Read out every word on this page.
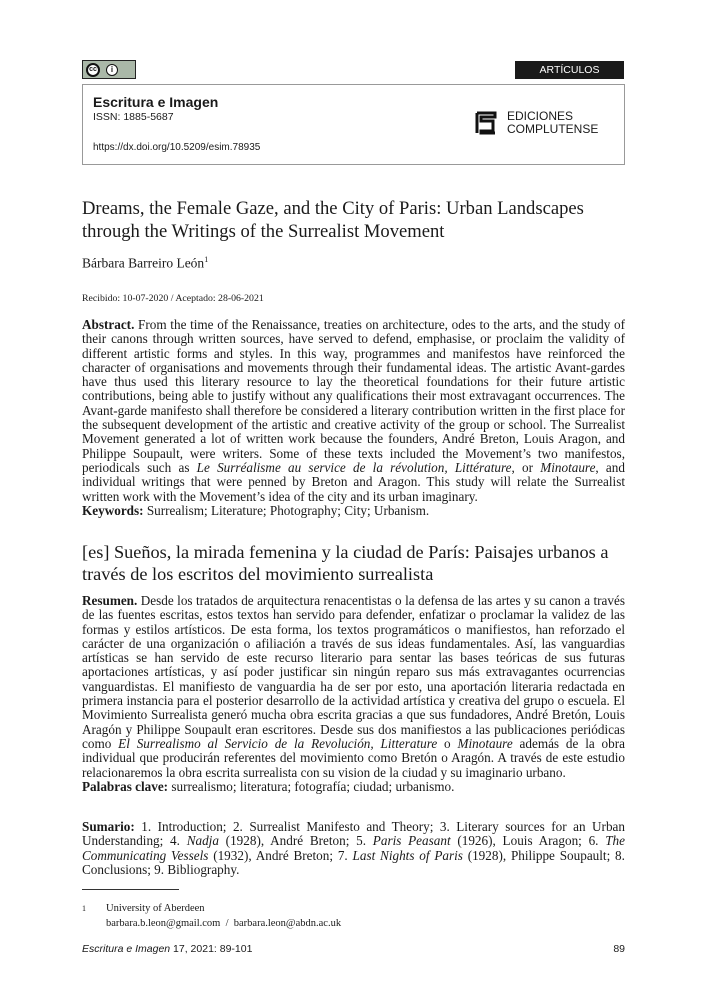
cc	i	ARTÍCULOS
Escritura e Imagen
ISSN: 1885-5687
https://dx.doi.org/10.5209/esim.78935
EDICIONES
COMPLUTENSE
Dreams, the Female Gaze, and the City of Paris: Urban Landscapes through the Writings of the Surrealist Movement
Bárbara Barreiro León$^1$
Recibido: 10-07-2020 / Aceptado: 28-06-2021

Abstract. From the time of the Renaissance, treaties on architecture, odes to the arts, and the study of their canons through written sources, have served to defend, emphasise, or proclaim the validity of different artistic forms and styles. In this way, programmes and manifestos have reinforced the character of organisations and movements through their fundamental ideas. The artistic Avant-gardes have thus used this literary resource to lay the theoretical foundations for their future artistic contributions, being able to justify without any qualifications their most extravagant occurrences. The Avant-garde manifesto shall therefore be considered a literary contribution written in the first place for the subsequent development of the artistic and creative activity of the group or school. The Surrealist Movement generated a lot of written work because the founders, André Breton, Louis Aragon, and Philippe Soupault, were writers. Some of these texts included the Movement’s two manifestos, periodicals such as Le Surréalisme au service de la révolution, Littérature, or Minotaure, and individual writings that were penned by Breton and Aragon. This study will relate the Surrealist written work with the Movement’s idea of the city and its urban imaginary.
Keywords: Surrealism; Literature; Photography; City; Urbanism.

[es] Sueños, la mirada femenina y la ciudad de París: Paisajes urbanos a través de los escritos del movimiento surrealista

Resumen. Desde los tratados de arquitectura renacentistas o la defensa de las artes y su canon a través de las fuentes escritas, estos textos han servido para defender, enfatizar o proclamar la validez de las formas y estilos artísticos. De esta forma, los textos programáticos o manifiestos, han reforzado el carácter de una organización o afiliación a través de sus ideas fundamentales. Así, las vanguardias artísticas se han servido de este recurso literario para sentar las bases teóricas de sus futuras aportaciones artísticas, y así poder justificar sin ningún reparo sus más extravagantes ocurrencias vanguardistas. El manifiesto de vanguardia ha de ser por esto, una aportación literaria redactada en primera instancia para el posterior desarrollo de la actividad artística y creativa del grupo o escuela. El Movimiento Surrealista generó mucha obra escrita gracias a que sus fundadores, André Bretón, Louis Aragón y Philippe Soupault eran escritores. Desde sus dos manifiestos a las publicaciones periódicas como El Surrealismo al Servicio de la Revolución, Litterature o Minotaure además de la obra individual que producirán referentes del movimiento como Bretón o Aragón. A través de este estudio relacionaremos la obra escrita surrealista con su vision de la ciudad y su imaginario urbano.
Palabras clave: surrealismo; literatura; fotografía; ciudad; urbanismo.

Sumario: 1. Introduction; 2. Surrealist Manifesto and Theory; 3. Literary sources for an Urban Understanding; 4. Nadja (1928), André Breton; 5. Paris Peasant (1926), Louis Aragon; 6. The Communicating Vessels (1932), André Breton; 7. Last Nights of Paris (1928), Philippe Soupault; 8. Conclusions; 9. Bibliography.

1	University of Aberdeen
barbara.b.leon@gmail.com  /  barbara.leon@abdn.ac.uk
Escritura e Imagen 17, 2021: 89-101	89
